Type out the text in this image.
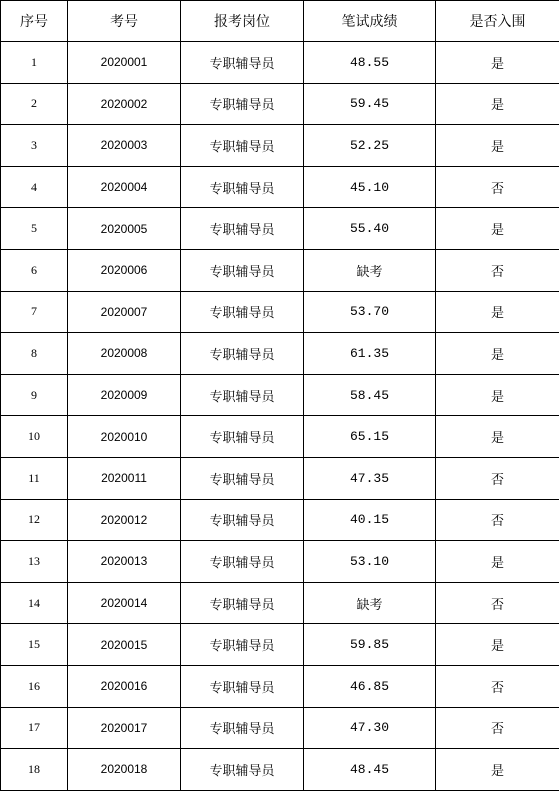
序号	考号	报考岗位	笔试成绩	是否入围
1	2020001	专职辅导员	48.55	是
2	2020002	专职辅导员	59.45	是
3	2020003	专职辅导员	52.25	是
4	2020004	专职辅导员	45.10	否
5	2020005	专职辅导员	55.40	是
6	2020006	专职辅导员	缺考	否
7	2020007	专职辅导员	53.70	是
8	2020008	专职辅导员	61.35	是
9	2020009	专职辅导员	58.45	是
10	2020010	专职辅导员	65.15	是
11	2020011	专职辅导员	47.35	否
12	2020012	专职辅导员	40.15	否
13	2020013	专职辅导员	53.10	是
14	2020014	专职辅导员	缺考	否
15	2020015	专职辅导员	59.85	是
16	2020016	专职辅导员	46.85	否
17	2020017	专职辅导员	47.30	否
18	2020018	专职辅导员	48.45	是
